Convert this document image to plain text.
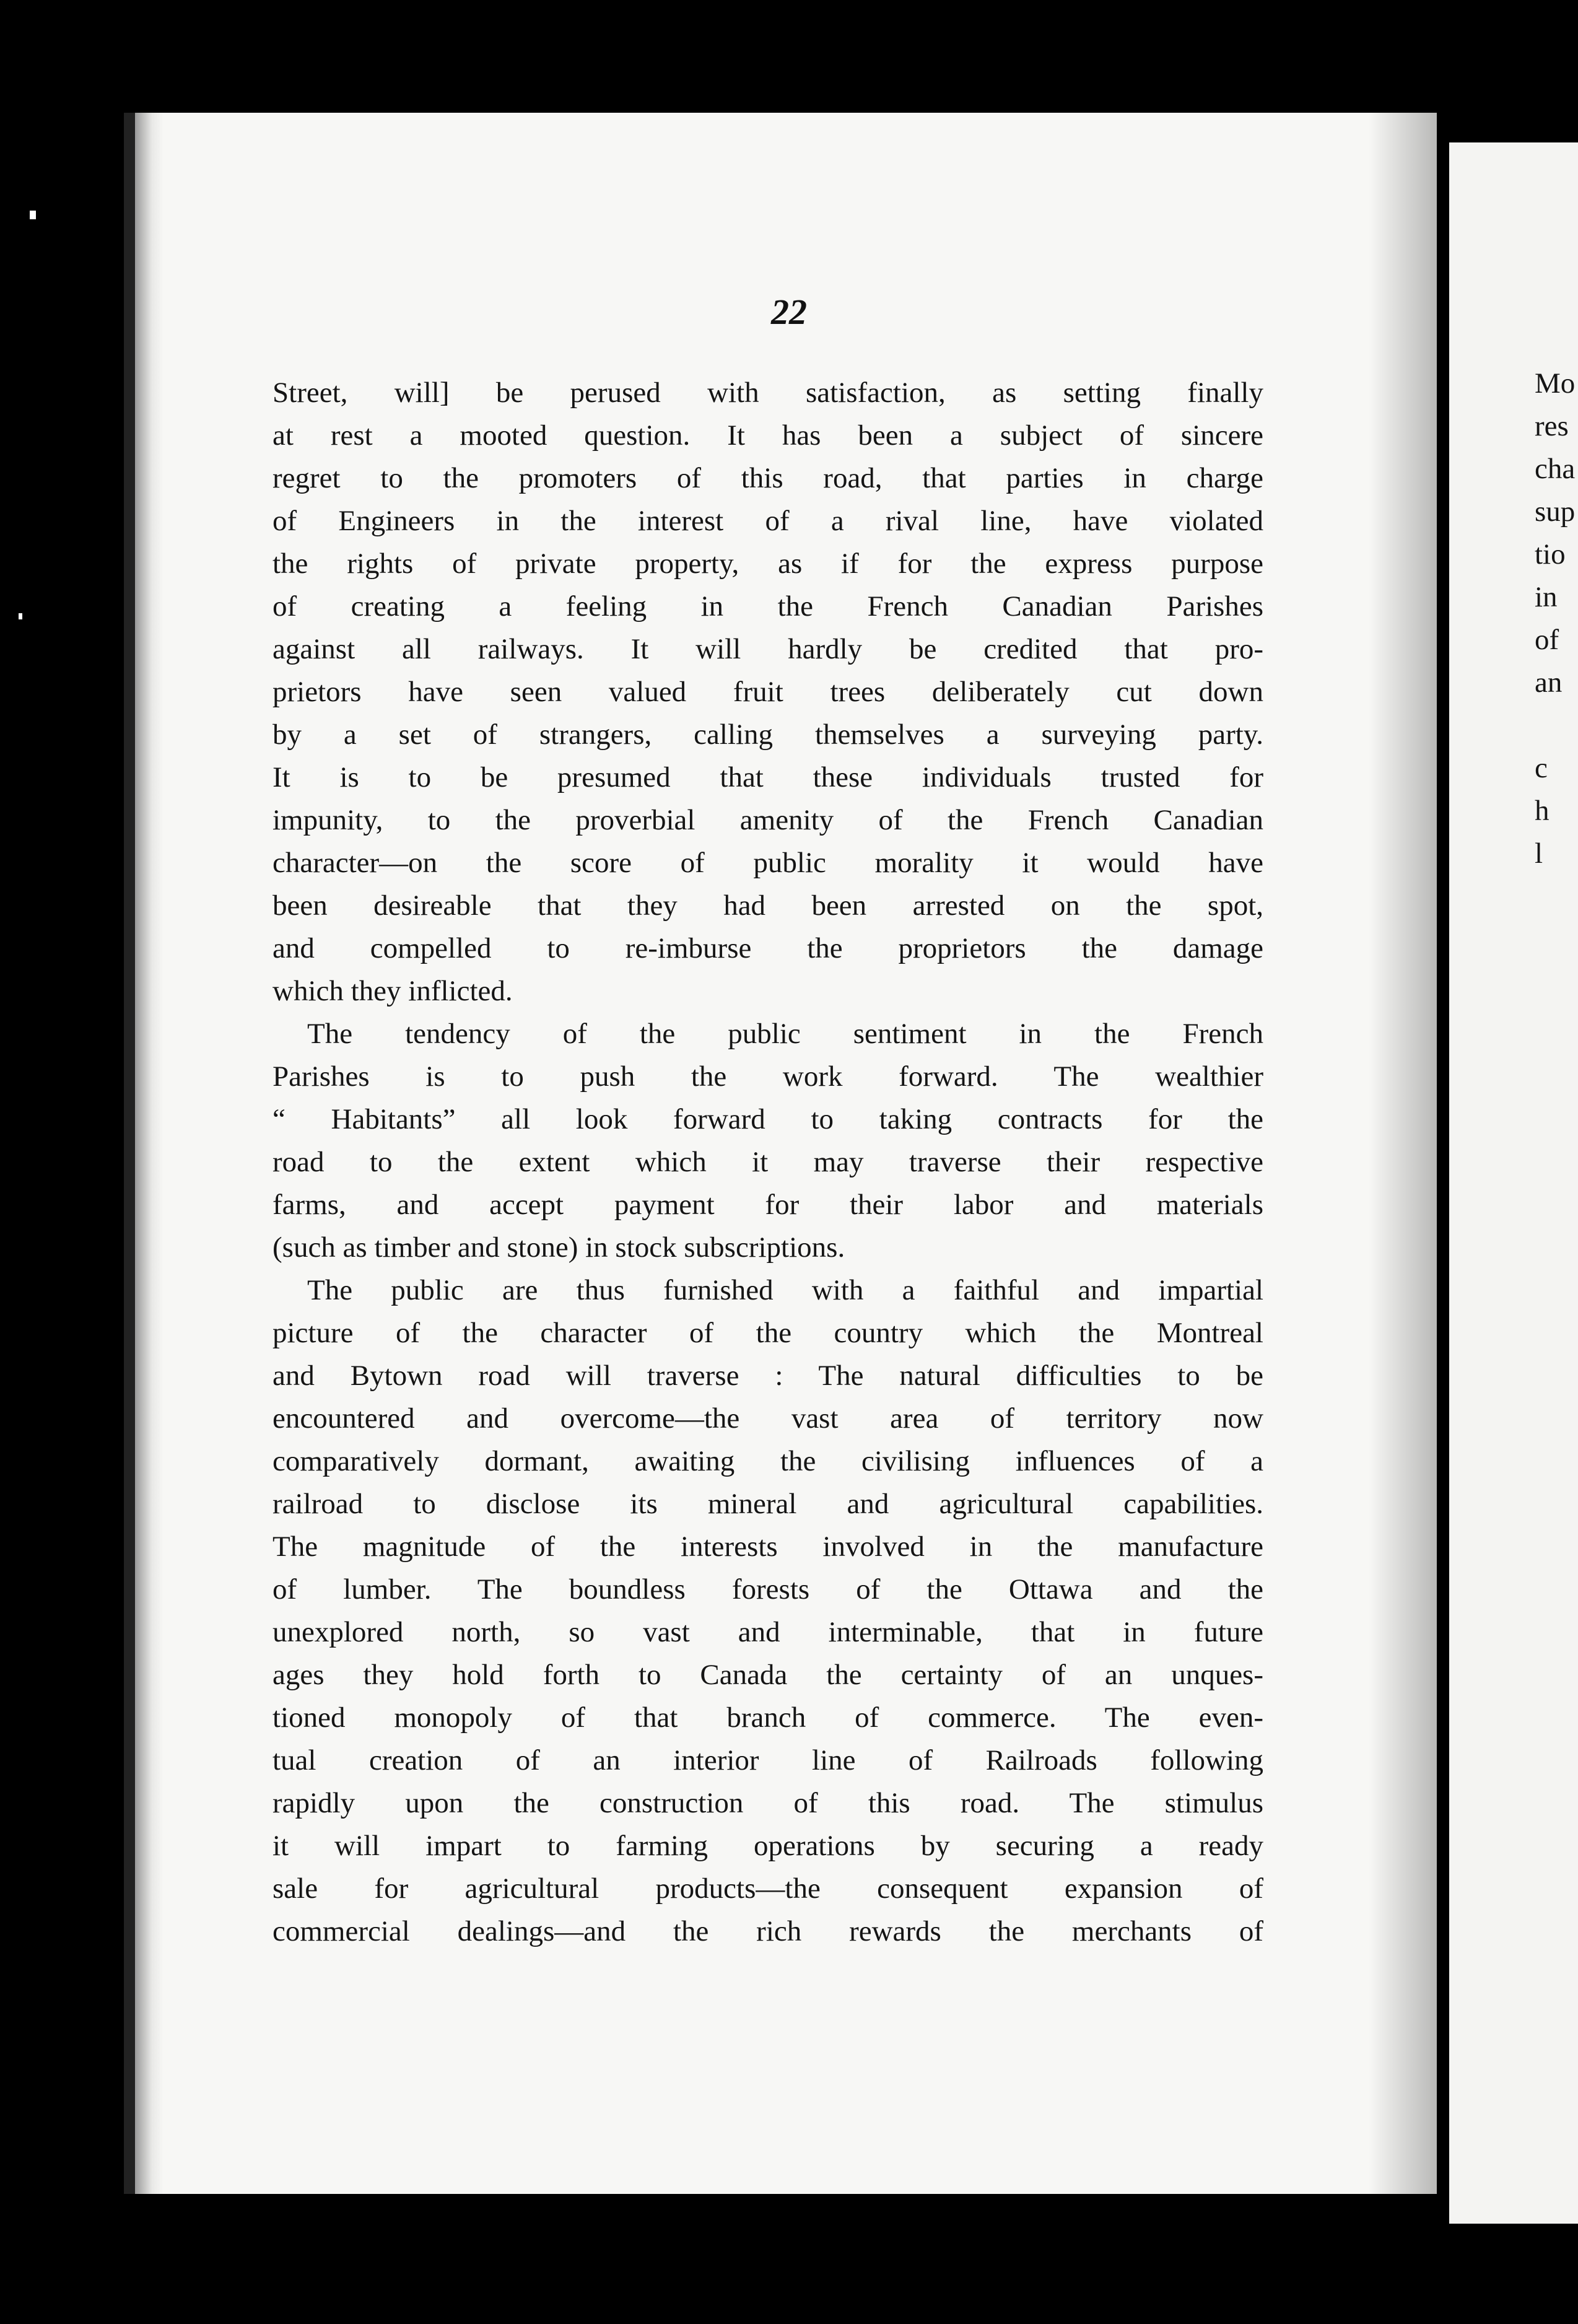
22
Street, will] be perused with satisfaction, as setting finally
at rest a mooted question. It has been a subject of sincere
regret to the promoters of this road, that parties in charge
of Engineers in the interest of a rival line, have violated
the rights of private property, as if for the express purpose
of creating a feeling in the French Canadian Parishes
against all railways. It will hardly be credited that pro-
prietors have seen valued fruit trees deliberately cut down
by a set of strangers, calling themselves a surveying party.
It is to be presumed that these individuals trusted for
impunity, to the proverbial amenity of the French Canadian
character—on the score of public morality it would have
been desireable that they had been arrested on the spot,
and compelled to re-imburse the proprietors the damage
which they inflicted.
The tendency of the public sentiment in the French
Parishes is to push the work forward. The wealthier
“ Habitants” all look forward to taking contracts for the
road to the extent which it may traverse their respective
farms, and accept payment for their labor and materials
(such as timber and stone) in stock subscriptions.
The public are thus furnished with a faithful and impartial
picture of the character of the country which the Montreal
and Bytown road will traverse : The natural difficulties to be
encountered and overcome—the vast area of territory now
comparatively dormant, awaiting the civilising influences of a
railroad to disclose its mineral and agricultural capabilities.
The magnitude of the interests involved in the manufacture
of lumber. The boundless forests of the Ottawa and the
unexplored north, so vast and interminable, that in future
ages they hold forth to Canada the certainty of an unques-
tioned monopoly of that branch of commerce. The even-
tual creation of an interior line of Railroads following
rapidly upon the construction of this road. The stimulus
it will impart to farming operations by securing a ready
sale for agricultural products—the consequent expansion of
commercial dealings—and the rich rewards the merchants of
Mo
res
cha
sup
tio
in
of
an
c
h
l
